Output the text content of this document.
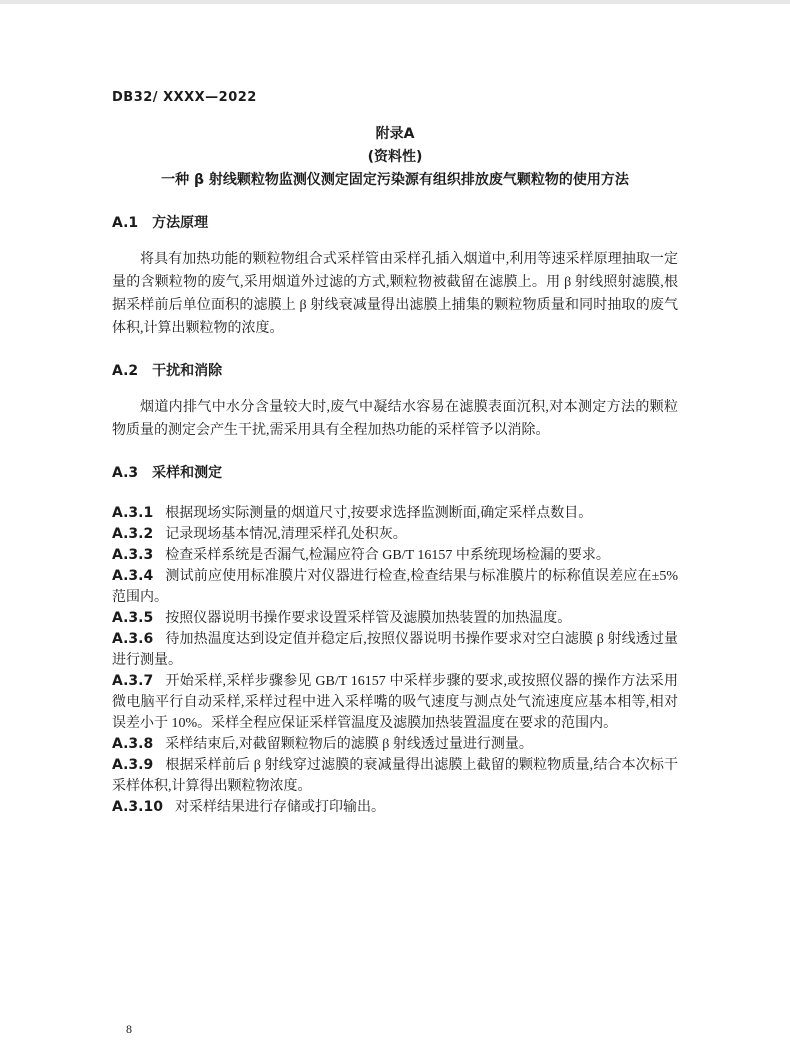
DB32/ XXXX—2022
附录A
(资料性)
一种 β 射线颗粒物监测仪测定固定污染源有组织排放废气颗粒物的使用方法
A.1 方法原理

将具有加热功能的颗粒物组合式采样管由采样孔插入烟道中,利用等速采样原理抽取一定量的含颗粒物的废气,采用烟道外过滤的方式,颗粒物被截留在滤膜上。用 β 射线照射滤膜,根据采样前后单位面积的滤膜上 β 射线衰减量得出滤膜上捕集的颗粒物质量和同时抽取的废气体积,计算出颗粒物的浓度。

A.2 干扰和消除

烟道内排气中水分含量较大时,废气中凝结水容易在滤膜表面沉积,对本测定方法的颗粒物质量的测定会产生干扰,需采用具有全程加热功能的采样管予以消除。

A.3 采样和测定

A.3.1 根据现场实际测量的烟道尺寸,按要求选择监测断面,确定采样点数目。

A.3.2 记录现场基本情况,清理采样孔处积灰。

A.3.3 检查采样系统是否漏气,检漏应符合 GB/T 16157 中系统现场检漏的要求。

A.3.4 测试前应使用标准膜片对仪器进行检查,检查结果与标准膜片的标称值误差应在±5%范围内。

A.3.5 按照仪器说明书操作要求设置采样管及滤膜加热装置的加热温度。

A.3.6 待加热温度达到设定值并稳定后,按照仪器说明书操作要求对空白滤膜 β 射线透过量进行测量。

A.3.7 开始采样,采样步骤参见 GB/T 16157 中采样步骤的要求,或按照仪器的操作方法采用微电脑平行自动采样,采样过程中进入采样嘴的吸气速度与测点处气流速度应基本相等,相对误差小于 10%。采样全程应保证采样管温度及滤膜加热装置温度在要求的范围内。

A.3.8 采样结束后,对截留颗粒物后的滤膜 β 射线透过量进行测量。

A.3.9 根据采样前后 β 射线穿过滤膜的衰减量得出滤膜上截留的颗粒物质量,结合本次标干采样体积,计算得出颗粒物浓度。

A.3.10 对采样结果进行存储或打印输出。

8
